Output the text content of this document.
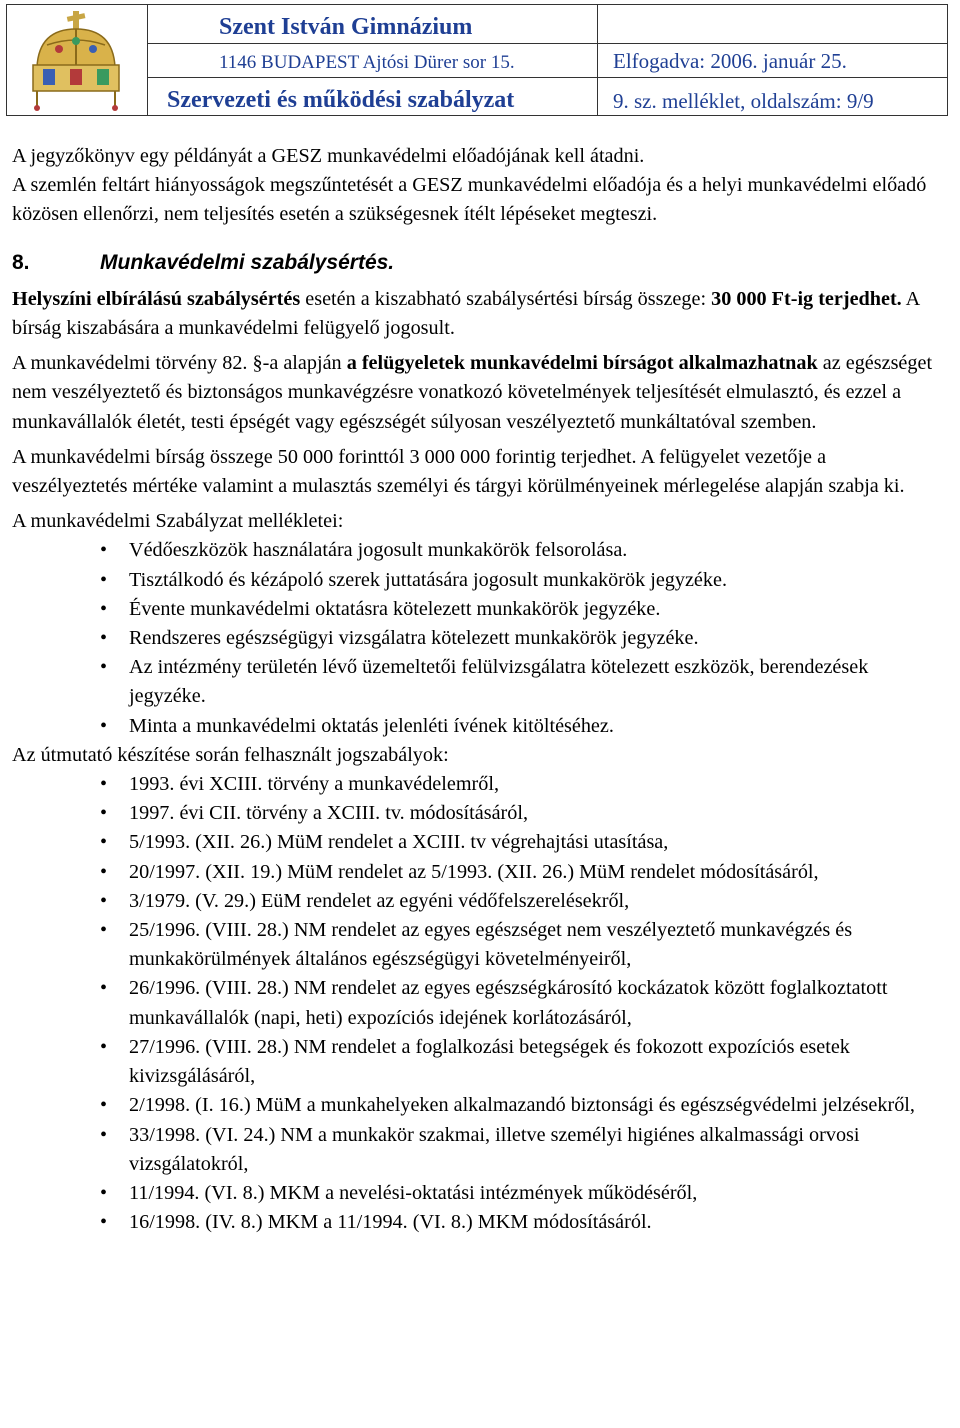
Szent István Gimnázium
1146 BUDAPEST Ajtósi Dürer sor 15.	Elfogadva: 2006. január 25.
Szervezeti és működési szabályzat	9. sz. melléklet, oldalszám: 9/9

A jegyzőkönyv egy példányát a GESZ munkavédelmi előadójának kell átadni.

A szemlén feltárt hiányosságok megszűntetését a GESZ munkavédelmi előadója és a helyi munkavédelmi előadó közösen ellenőrzi, nem teljesítés esetén a szükségesnek ítélt lépéseket megteszi.

8.	Munkavédelmi szabálysértés.

Helyszíni elbírálású szabálysértés esetén a kiszabható szabálysértési bírság összege: 30 000 Ft-ig terjedhet. A bírság kiszabására a munkavédelmi felügyelő jogosult.

A munkavédelmi törvény 82. §-a alapján a felügyeletek munkavédelmi bírságot alkalmazhatnak az egészséget nem veszélyeztető és biztonságos munkavégzésre vonatkozó követelmények teljesítését elmulasztó, és ezzel a munkavállalók életét, testi épségét vagy egészségét súlyosan veszélyeztető munkáltatóval szemben.

A munkavédelmi bírság összege 50 000 forinttól 3 000 000 forintig terjedhet. A felügyelet vezetője a veszélyeztetés mértéke valamint a mulasztás személyi és tárgyi körülményeinek mérlegelése alapján szabja ki.

A munkavédelmi Szabályzat mellékletei:

• Védőeszközök használatára jogosult munkakörök felsorolása.
• Tisztálkodó és kézápoló szerek juttatására jogosult munkakörök jegyzéke.
• Évente munkavédelmi oktatásra kötelezett munkakörök jegyzéke.
• Rendszeres egészségügyi vizsgálatra kötelezett munkakörök jegyzéke.
• Az intézmény területén lévő üzemeltetői felülvizsgálatra kötelezett eszközök, berendezések jegyzéke.
• Minta a munkavédelmi oktatás jelenléti ívének kitöltéséhez.

Az útmutató készítése során felhasznált jogszabályok:

• 1993. évi XCIII. törvény a munkavédelemről,
• 1997. évi CII. törvény a XCIII. tv. módosításáról,
• 5/1993. (XII. 26.) MüM rendelet a XCIII. tv végrehajtási utasítása,
• 20/1997. (XII. 19.) MüM rendelet az 5/1993. (XII. 26.) MüM rendelet módosításáról,
• 3/1979. (V. 29.) EüM rendelet az egyéni védőfelszerelésekről,
• 25/1996. (VIII. 28.) NM rendelet az egyes egészséget nem veszélyeztető munkavégzés és munkakörülmények általános egészségügyi követelményeiről,
• 26/1996. (VIII. 28.) NM rendelet az egyes egészségkárosító kockázatok között foglalkoztatott munkavállalók (napi, heti) expozíciós idejének korlátozásáról,
• 27/1996. (VIII. 28.) NM rendelet a foglalkozási betegségek és fokozott expozíciós esetek kivizsgálásáról,
• 2/1998. (I. 16.) MüM a munkahelyeken alkalmazandó biztonsági és egészségvédelmi jelzésekről,
• 33/1998. (VI. 24.) NM a munkakör szakmai, illetve személyi higiénes alkalmassági orvosi vizsgálatokról,
• 11/1994. (VI. 8.) MKM a nevelési-oktatási intézmények működéséről,
• 16/1998. (IV. 8.) MKM a 11/1994. (VI. 8.) MKM módosításáról.
